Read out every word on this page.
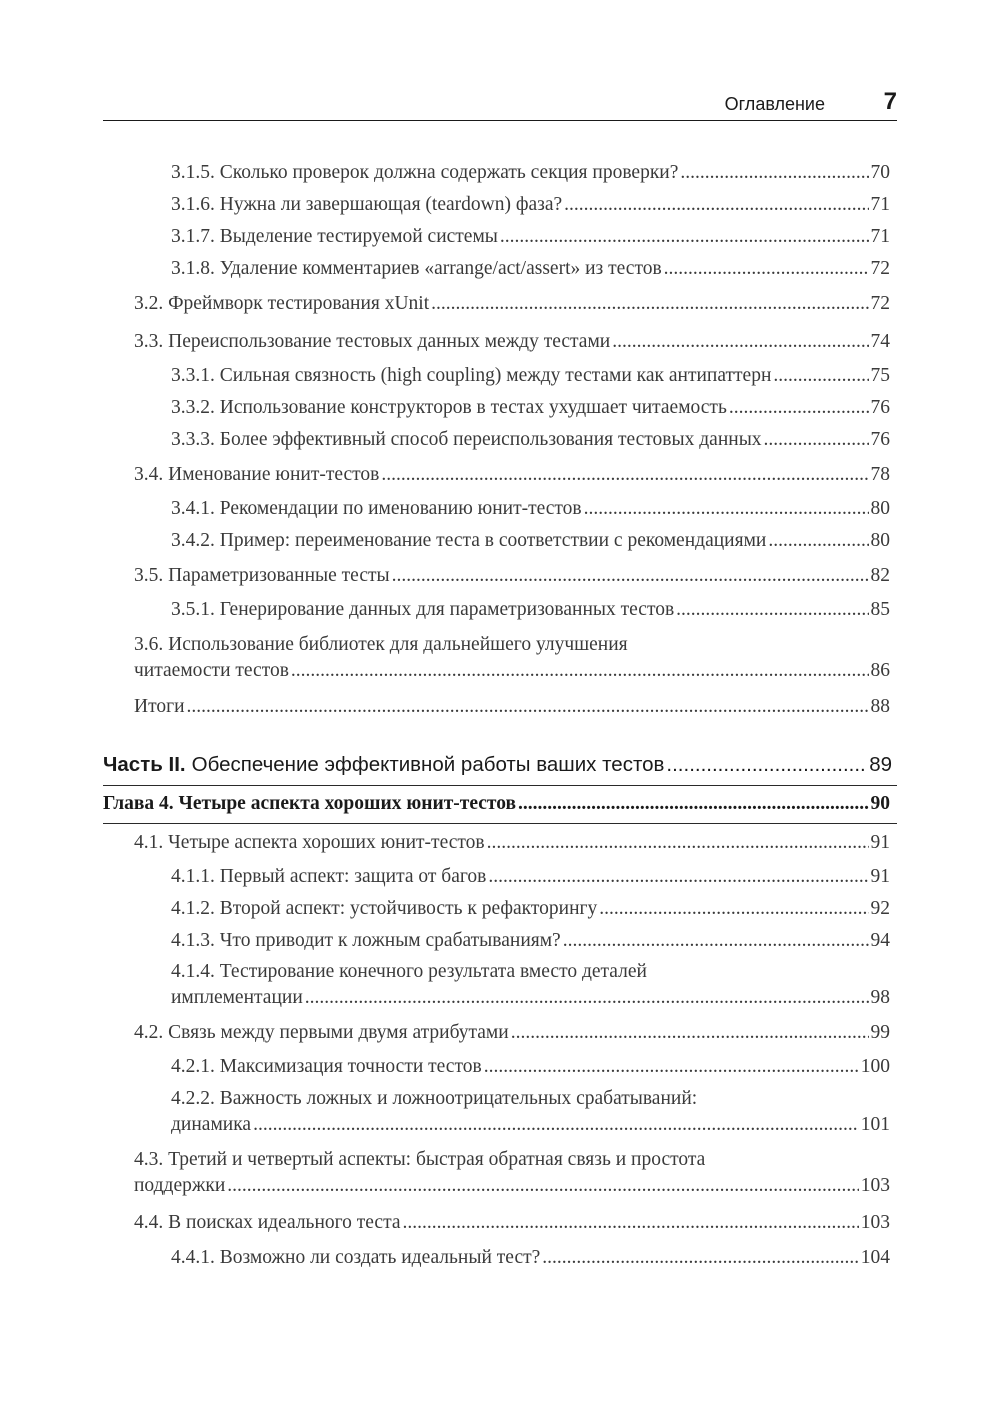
Оглавление 7
3.1.5. Сколько проверок должна содержать секция проверки? .....	70
3.1.6. Нужна ли завершающая (teardown) фаза? .....	71
3.1.7. Выделение тестируемой системы .....	71
3.1.8. Удаление комментариев «arrange/act/assert» из тестов .....	72
3.2. Фреймворк тестирования xUnit .....	72
3.3. Переиспользование тестовых данных между тестами .....	74
3.3.1. Сильная связность (high coupling) между тестами как антипаттерн .....	75
3.3.2. Использование конструкторов в тестах ухудшает читаемость .....	76
3.3.3. Более эффективный способ переиспользования тестовых данных .....	76
3.4. Именование юнит-тестов .....	78
3.4.1. Рекомендации по именованию юнит-тестов .....	80
3.4.2. Пример: переименование теста в соответствии с рекомендациями .....	80
3.5. Параметризованные тесты .....	82
3.5.1. Генерирование данных для параметризованных тестов .....	85
3.6. Использование библиотек для дальнейшего улучшения
читаемости тестов .....	86
Итоги .....	88
Часть II. Обеспечение эффективной работы ваших тестов .....	89
Глава 4. Четыре аспекта хороших юнит-тестов .....	90
4.1. Четыре аспекта хороших юнит-тестов .....	91
4.1.1. Первый аспект: защита от багов .....	91
4.1.2. Второй аспект: устойчивость к рефакторингу .....	92
4.1.3. Что приводит к ложным срабатываниям? .....	94
4.1.4. Тестирование конечного результата вместо деталей
имплементации .....	98
4.2. Связь между первыми двумя атрибутами .....	99
4.2.1. Максимизация точности тестов .....	100
4.2.2. Важность ложных и ложноотрицательных срабатываний:
динамика .....	101
4.3. Третий и четвертый аспекты: быстрая обратная связь и простота
поддержки .....	103
4.4. В поисках идеального теста .....	103
4.4.1. Возможно ли создать идеальный тест? .....	104
